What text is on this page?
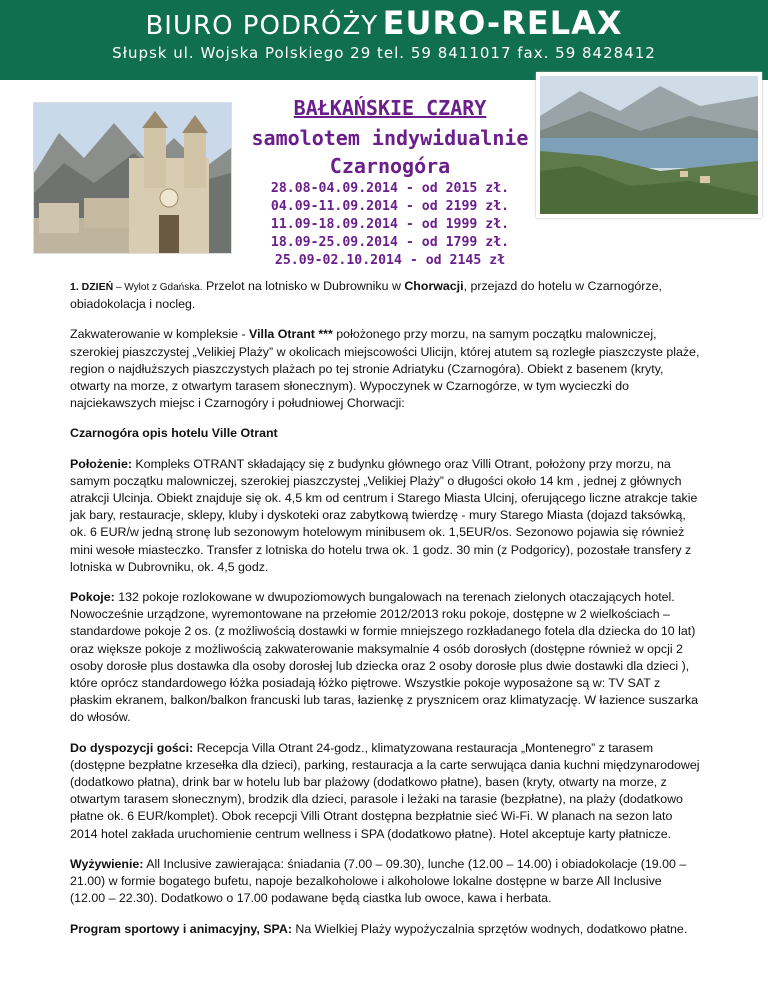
BIURO PODRÓŻY EURO-RELAX
Słupsk ul. Wojska Polskiego 29 tel. 59 8411017 fax. 59 8428412
BAŁKAŃSKIE CZARY
samolotem indywidualnie
Czarnogóra
28.08-04.09.2014 - od 2015 zł.
04.09-11.09.2014 - od 2199 zł.
11.09-18.09.2014 - od 1999 zł.
18.09-25.09.2014 - od 1799 zł.
25.09-02.10.2014 - od 2145 zł

1. DZIEŃ – Wylot z Gdańska. Przelot na lotnisko w Dubrowniku w Chorwacji, przejazd do hotelu w Czarnogórze, obiadokolacja i nocleg.

Zakwaterowanie w kompleksie - Villa Otrant *** położonego przy morzu, na samym początku malowniczej, szerokiej piaszczystej „Velikiej Plaży” w okolicach miejscowości Ulicijn, której atutem są rozległe piaszczyste plaże, region o najdłuższych piaszczystych plażach po tej stronie Adriatyku (Czarnogóra). Obiekt z basenem (kryty, otwarty na morze, z otwartym tarasem słonecznym). Wypoczynek w Czarnogórze, w tym wycieczki do najciekawszych miejsc i Czarnogóry i południowej Chorwacji:

Czarnogóra opis hotelu Ville Otrant

Położenie: Kompleks OTRANT składający się z budynku głównego oraz Villi Otrant, położony przy morzu, na samym początku malowniczej, szerokiej piaszczystej „Velikiej Plaży” o długości około 14 km , jednej z głównych atrakcji Ulcinja. Obiekt znajduje się ok. 4,5 km od centrum i Starego Miasta Ulcinj, oferującego liczne atrakcje takie jak bary, restauracje, sklepy, kluby i dyskoteki oraz zabytkową twierdzę - mury Starego Miasta (dojazd taksówką, ok. 6 EUR/w jedną stronę lub sezonowym hotelowym minibusem ok. 1,5EUR/os. Sezonowo pojawia się również mini wesołe miasteczko. Transfer z lotniska do hotelu trwa ok. 1 godz. 30 min (z Podgoricy), pozostałe transfery z lotniska w Dubrovniku, ok. 4,5 godz.

Pokoje: 132 pokoje rozlokowane w dwupoziomowych bungalowach na terenach zielonych otaczających hotel. Nowocześnie urządzone, wyremontowane na przełomie 2012/2013 roku pokoje, dostępne w 2 wielkościach – standardowe pokoje 2 os. (z możliwością dostawki w formie mniejszego rozkładanego fotela dla dziecka do 10 lat) oraz większe pokoje z możliwością zakwaterowanie maksymalnie 4 osób dorosłych (dostępne również w opcji 2 osoby dorosłe plus dostawka dla osoby dorosłej lub dziecka oraz 2 osoby dorosłe plus dwie dostawki dla dzieci ), które oprócz standardowego łóżka posiadają łóżko piętrowe. Wszystkie pokoje wyposażone są w: TV SAT z płaskim ekranem, balkon/balkon francuski lub taras, łazienkę z prysznicem oraz klimatyzację. W łazience suszarka do włosów.

Do dyspozycji gości: Recepcja Villa Otrant 24-godz., klimatyzowana restauracja „Montenegro” z tarasem (dostępne bezpłatne krzesełka dla dzieci), parking, restauracja a la carte serwująca dania kuchni międzynarodowej (dodatkowo płatna), drink bar w hotelu lub bar plażowy (dodatkowo płatne), basen (kryty, otwarty na morze, z otwartym tarasem słonecznym), brodzik dla dzieci, parasole i leżaki na tarasie (bezpłatne), na plaży (dodatkowo płatne ok. 6 EUR/komplet). Obok recepcji Villi Otrant dostępna bezpłatnie sieć Wi-Fi. W planach na sezon lato 2014 hotel zakłada uruchomienie centrum wellness i SPA (dodatkowo płatne). Hotel akceptuje karty płatnicze.

Wyżywienie: All Inclusive zawierająca: śniadania (7.00 – 09.30), lunche (12.00 – 14.00) i obiadokolacje (19.00 – 21.00) w formie bogatego bufetu, napoje bezalkoholowe i alkoholowe lokalne dostępne w barze All Inclusive (12.00 – 22.30). Dodatkowo o 17.00 podawane będą ciastka lub owoce, kawa i herbata.

Program sportowy i animacyjny, SPA: Na Wielkiej Plaży wypożyczalnia sprzętów wodnych, dodatkowo płatne.
